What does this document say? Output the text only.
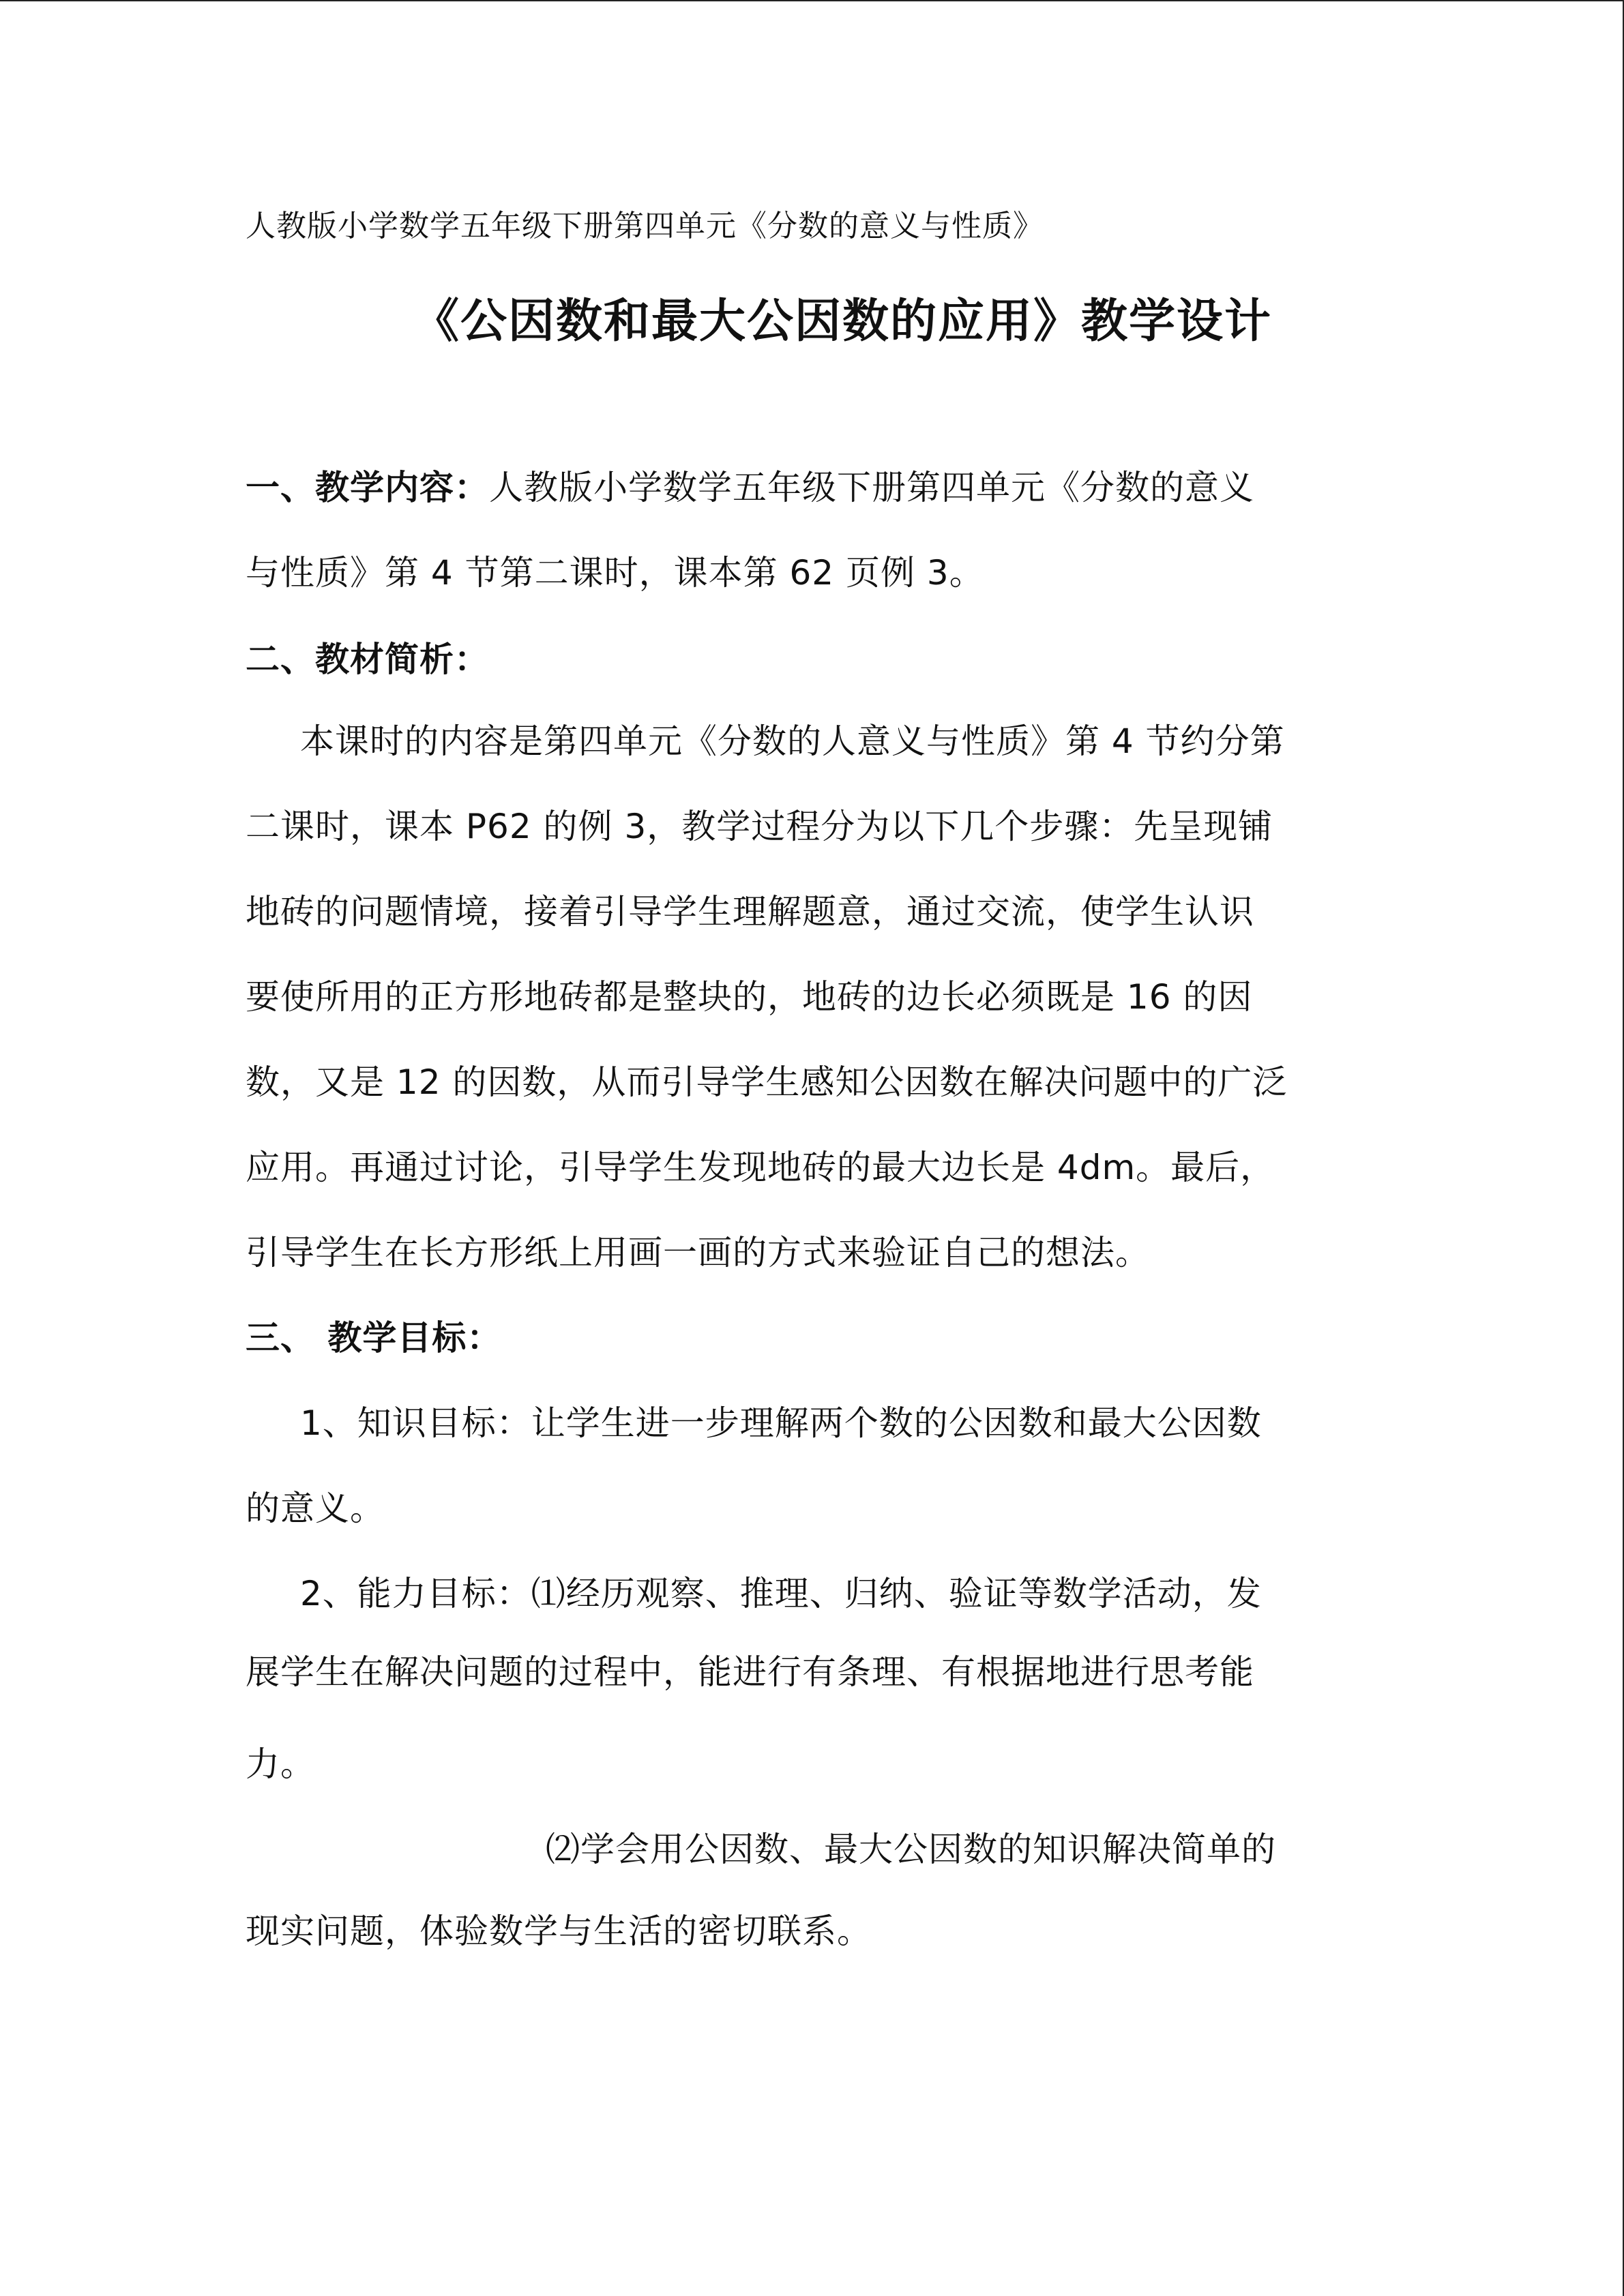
人教版小学数学五年级下册第四单元《分数的意义与性质》
《公因数和最大公因数的应用》教学设计
一、教学内容：人教版小学数学五年级下册第四单元《分数的意义
与性质》第 4 节第二课时，课本第 62 页例 3。
二、教材简析：
本课时的内容是第四单元《分数的人意义与性质》第 4 节约分第
二课时，课本 P62 的例 3，教学过程分为以下几个步骤：先呈现铺
地砖的问题情境，接着引导学生理解题意，通过交流，使学生认识
要使所用的正方形地砖都是整块的，地砖的边长必须既是 16 的因
数，又是 12 的因数，从而引导学生感知公因数在解决问题中的广泛
应用。再通过讨论，引导学生发现地砖的最大边长是 4dm。最后，
引导学生在长方形纸上用画一画的方式来验证自己的想法。
三、 教学目标：
1、知识目标：让学生进一步理解两个数的公因数和最大公因数
的意义。
2、能力目标：⑴经历观察、推理、归纳、验证等数学活动，发
展学生在解决问题的过程中，能进行有条理、有根据地进行思考能
力。
⑵学会用公因数、最大公因数的知识解决简单的
现实问题，体验数学与生活的密切联系。
